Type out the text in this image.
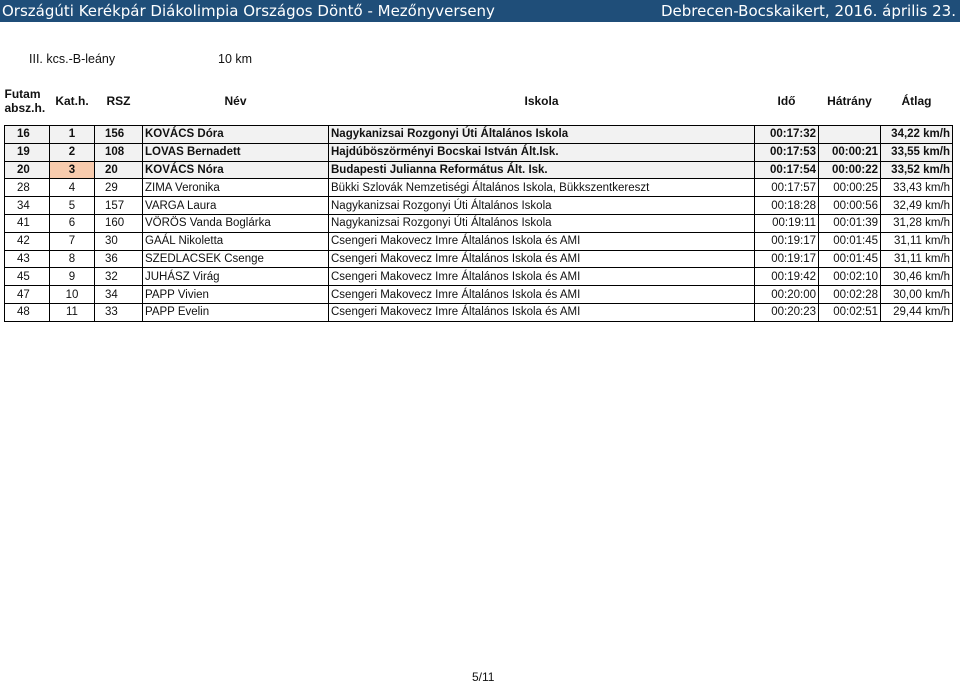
Országúti Kerékpár Diákolimpia Országos Döntő - Mezőnyverseny	Debrecen-Bocskaikert, 2016. április 23.
III. kcs.-B-leány	10 km
Futam absz.h.	Kat.h.	RSZ	Név	Iskola	Idő	Hátrány	Átlag

16	1	156	KOVÁCS Dóra	Nagykanizsai Rozgonyi Úti Általános Iskola	00:17:32		34,22 km/h
19	2	108	LOVAS Bernadett	Hajdúböszörményi Bocskai István Ált.Isk.	00:17:53	00:00:21	33,55 km/h
20	3	20	KOVÁCS Nóra	Budapesti Julianna Református Ált. Isk.	00:17:54	00:00:22	33,52 km/h
28	4	29	ZIMA Veronika	Bükki Szlovák Nemzetiségi Általános Iskola, Bükkszentkereszt	00:17:57	00:00:25	33,43 km/h
34	5	157	VARGA Laura	Nagykanizsai Rozgonyi Úti Általános Iskola	00:18:28	00:00:56	32,49 km/h
41	6	160	VÖRÖS Vanda Boglárka	Nagykanizsai Rozgonyi Úti Általános Iskola	00:19:11	00:01:39	31,28 km/h
42	7	30	GAÁL Nikoletta	Csengeri Makovecz Imre Általános Iskola és AMI	00:19:17	00:01:45	31,11 km/h
43	8	36	SZEDLACSEK Csenge	Csengeri Makovecz Imre Általános Iskola és AMI	00:19:17	00:01:45	31,11 km/h
45	9	32	JUHÁSZ Virág	Csengeri Makovecz Imre Általános Iskola és AMI	00:19:42	00:02:10	30,46 km/h
47	10	34	PAPP Vivien	Csengeri Makovecz Imre Általános Iskola és AMI	00:20:00	00:02:28	30,00 km/h
48	11	33	PAPP Evelin	Csengeri Makovecz Imre Általános Iskola és AMI	00:20:23	00:02:51	29,44 km/h
5/11
